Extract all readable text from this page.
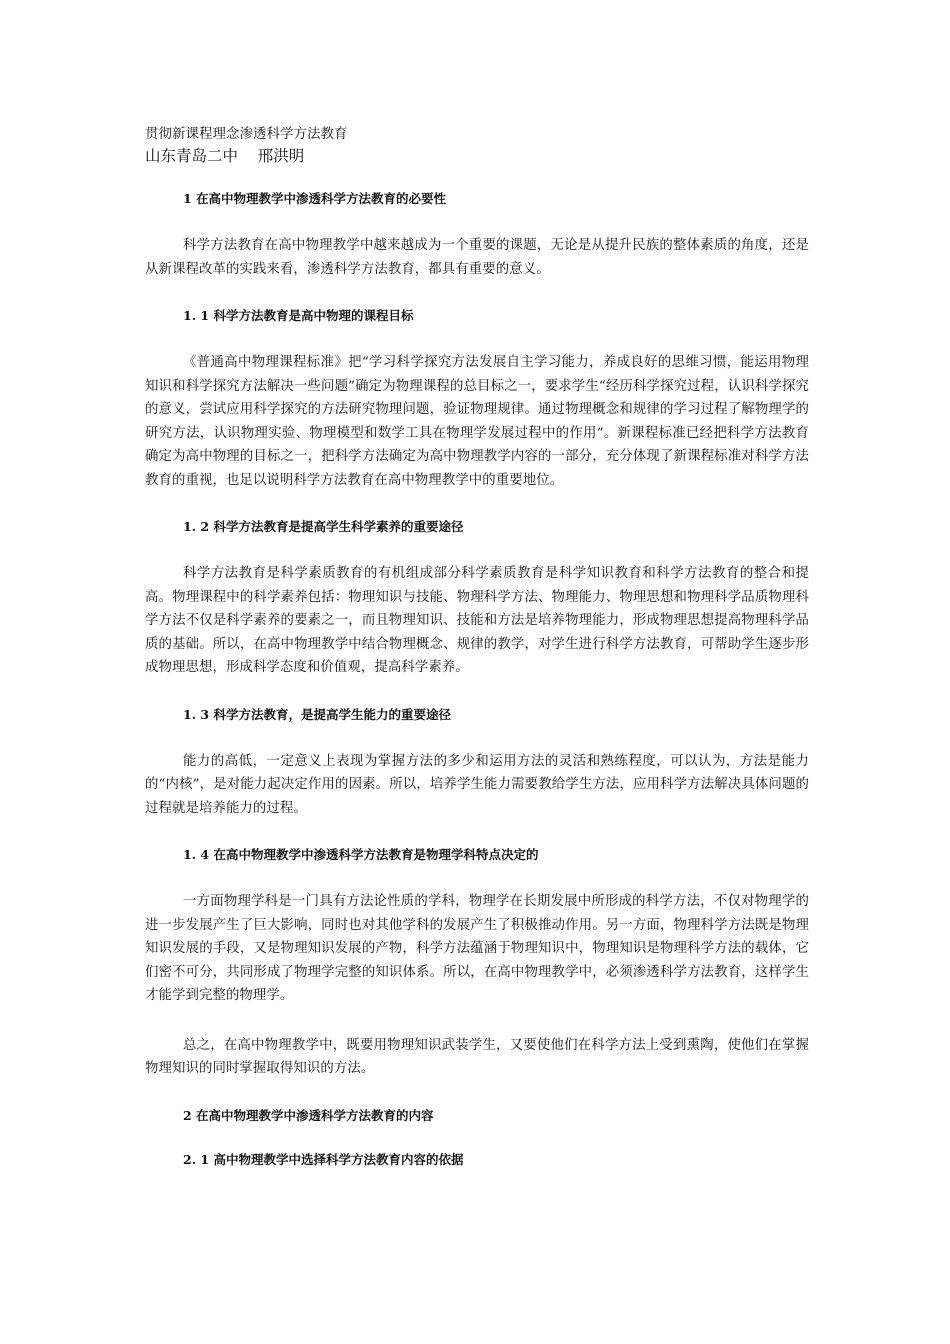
贯彻新课程理念渗透科学方法教育

山东青岛二中    邢洪明

1 在高中物理教学中渗透科学方法教育的必要性

科学方法教育在高中物理教学中越来越成为一个重要的课题，无论是从提升民族的整体素质的角度，还是从新课程改革的实践来看，渗透科学方法教育，都具有重要的意义。

1. 1 科学方法教育是高中物理的课程目标

《普通高中物理课程标准》把“学习科学探究方法发展自主学习能力，养成良好的思维习惯，能运用物理知识和科学探究方法解决一些问题”确定为物理课程的总目标之一，要求学生“经历科学探究过程，认识科学探究的意义，尝试应用科学探究的方法研究物理问题，验证物理规律。通过物理概念和规律的学习过程了解物理学的研究方法，认识物理实验、物理模型和数学工具在物理学发展过程中的作用”。新课程标准已经把科学方法教育确定为高中物理的目标之一，把科学方法确定为高中物理教学内容的一部分，充分体现了新课程标准对科学方法教育的重视，也足以说明科学方法教育在高中物理教学中的重要地位。

1. 2 科学方法教育是提高学生科学素养的重要途径

科学方法教育是科学素质教育的有机组成部分科学素质教育是科学知识教育和科学方法教育的整合和提高。物理课程中的科学素养包括：物理知识与技能、物理科学方法、物理能力、物理思想和物理科学品质物理科学方法不仅是科学素养的要素之一，而且物理知识、技能和方法是培养物理能力，形成物理思想提高物理科学品质的基础。所以，在高中物理教学中结合物理概念、规律的教学，对学生进行科学方法教育，可帮助学生逐步形成物理思想，形成科学态度和价值观，提高科学素养。

1. 3 科学方法教育，是提高学生能力的重要途径

能力的高低，一定意义上表现为掌握方法的多少和运用方法的灵活和熟练程度，可以认为，方法是能力的“内核”，是对能力起决定作用的因素。所以，培养学生能力需要教给学生方法，应用科学方法解决具体问题的过程就是培养能力的过程。

1. 4 在高中物理教学中渗透科学方法教育是物理学科特点决定的

一方面物理学科是一门具有方法论性质的学科，物理学在长期发展中所形成的科学方法，不仅对物理学的进一步发展产生了巨大影响，同时也对其他学科的发展产生了积极推动作用。另一方面，物理科学方法既是物理知识发展的手段，又是物理知识发展的产物，科学方法蕴涵于物理知识中，物理知识是物理科学方法的载体，它们密不可分，共同形成了物理学完整的知识体系。所以，在高中物理教学中，必须渗透科学方法教育，这样学生才能学到完整的物理学。

总之，在高中物理教学中，既要用物理知识武装学生，又要使他们在科学方法上受到熏陶，使他们在掌握物理知识的同时掌握取得知识的方法。

2 在高中物理教学中渗透科学方法教育的内容

2. 1 高中物理教学中选择科学方法教育内容的依据
